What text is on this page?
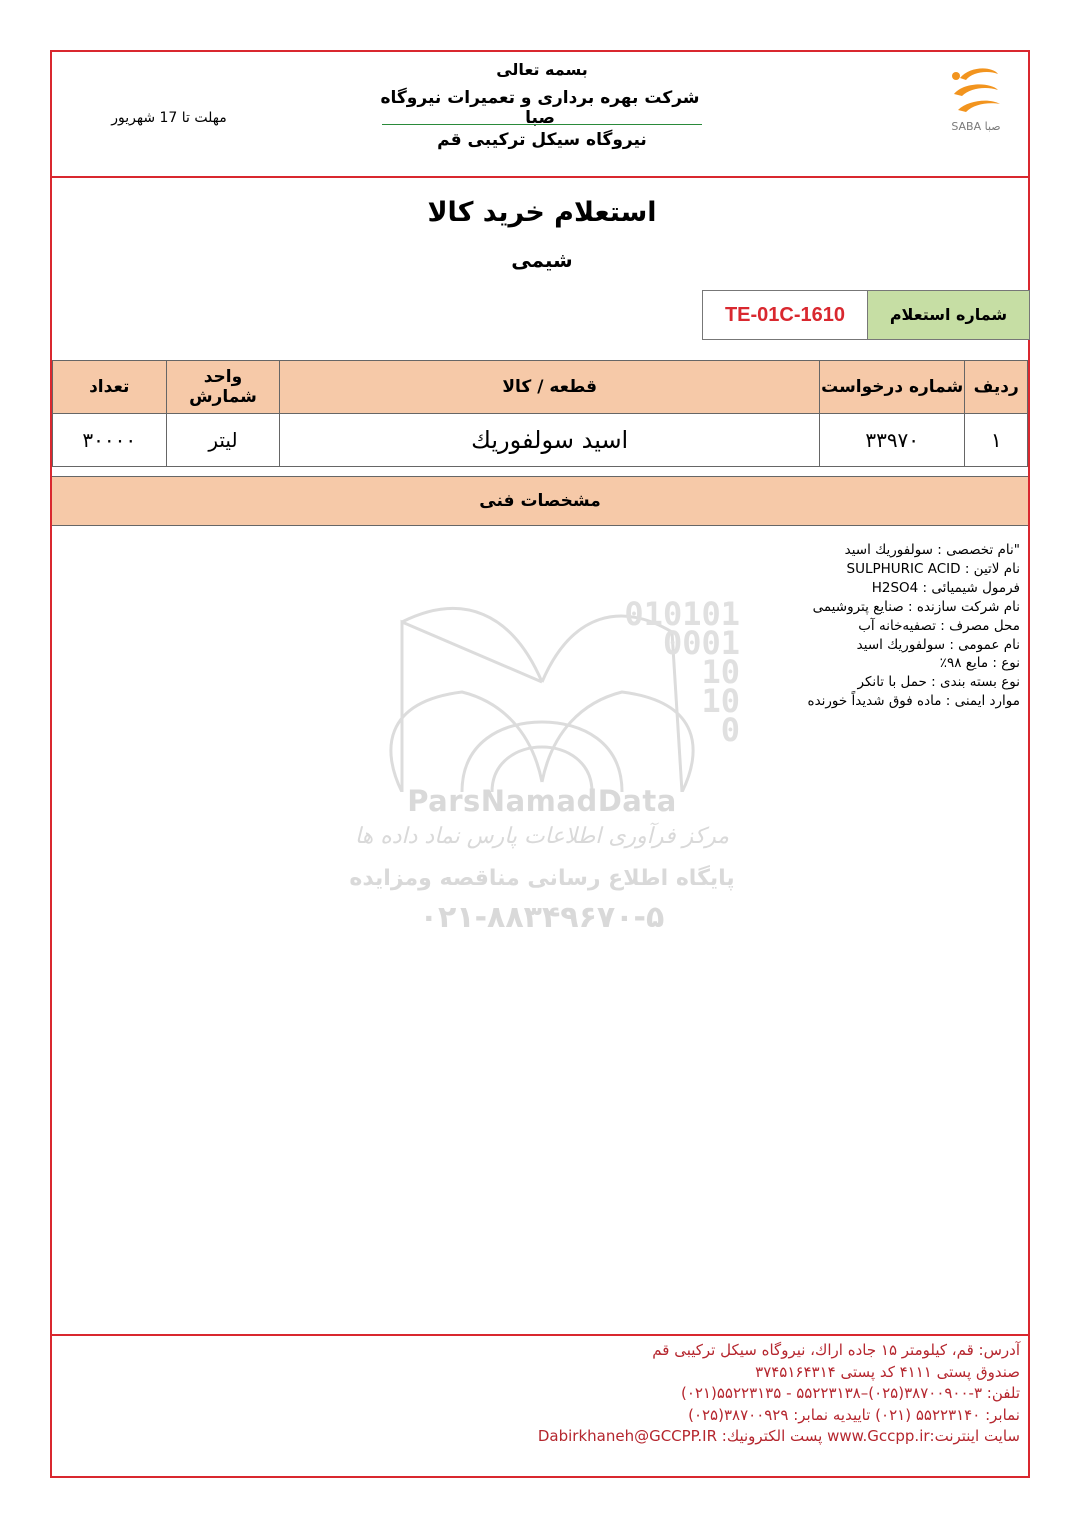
SABA صبا
بسمه تعالی
شرکت بهره برداری و تعمیرات نیروگاه صبا
نیروگاه سیکل ترکیبی قم
مهلت تا 17 شهریور
استعلام خرید کالا
شیمی
شماره استعلام
TE-01C-1610
ردیف	شماره درخواست	قطعه / کالا	واحد شمارش	تعداد
۱	۳۳۹۷۰	اسید سولفوریك	لیتر	۳۰۰۰۰
مشخصات فنی
010101
0001
10
10
0
ParsNamadData
مرکز فرآوری اطلاعات پارس نماد داده ها
پایگاه اطلاع رسانی مناقصه ومزایده
۰۲۱-۸۸۳۴۹۶۷۰-۵
"نام تخصصی : سولفوريك اسيد
نام لاتین : SULPHURIC ACID
فرمول شیمیائی : H2SO4
نام شرکت سازنده : صنایع پتروشیمی
محل مصرف : تصفیه‌خانه آب
نام عمومی : سولفوريك اسيد
نوع : مایع ۹۸٪
نوع بسته بندی : حمل با تانکر
موارد ایمنی : ماده فوق شدیداً خورنده
آدرس: قم، کیلومتر ۱۵ جاده اراك، نیروگاه سیکل ترکیبی قم
صندوق پستی ۴۱۱۱ کد پستی ۳۷۴۵۱۶۴۳۱۴
تلفن: ۳-۳۸۷۰۰۹۰۰(۰۲۵)–۵۵۲۲۳۱۳۸ - ۵۵۲۲۳۱۳۵(۰۲۱)
نمابر: ۵۵۲۲۳۱۴۰ (۰۲۱) تاییدیه نمابر: ۳۸۷۰۰۹۲۹(۰۲۵)
سایت اینترنت:www.Gccpp.ir پست الکترونیك: Dabirkhaneh@GCCPP.IR
